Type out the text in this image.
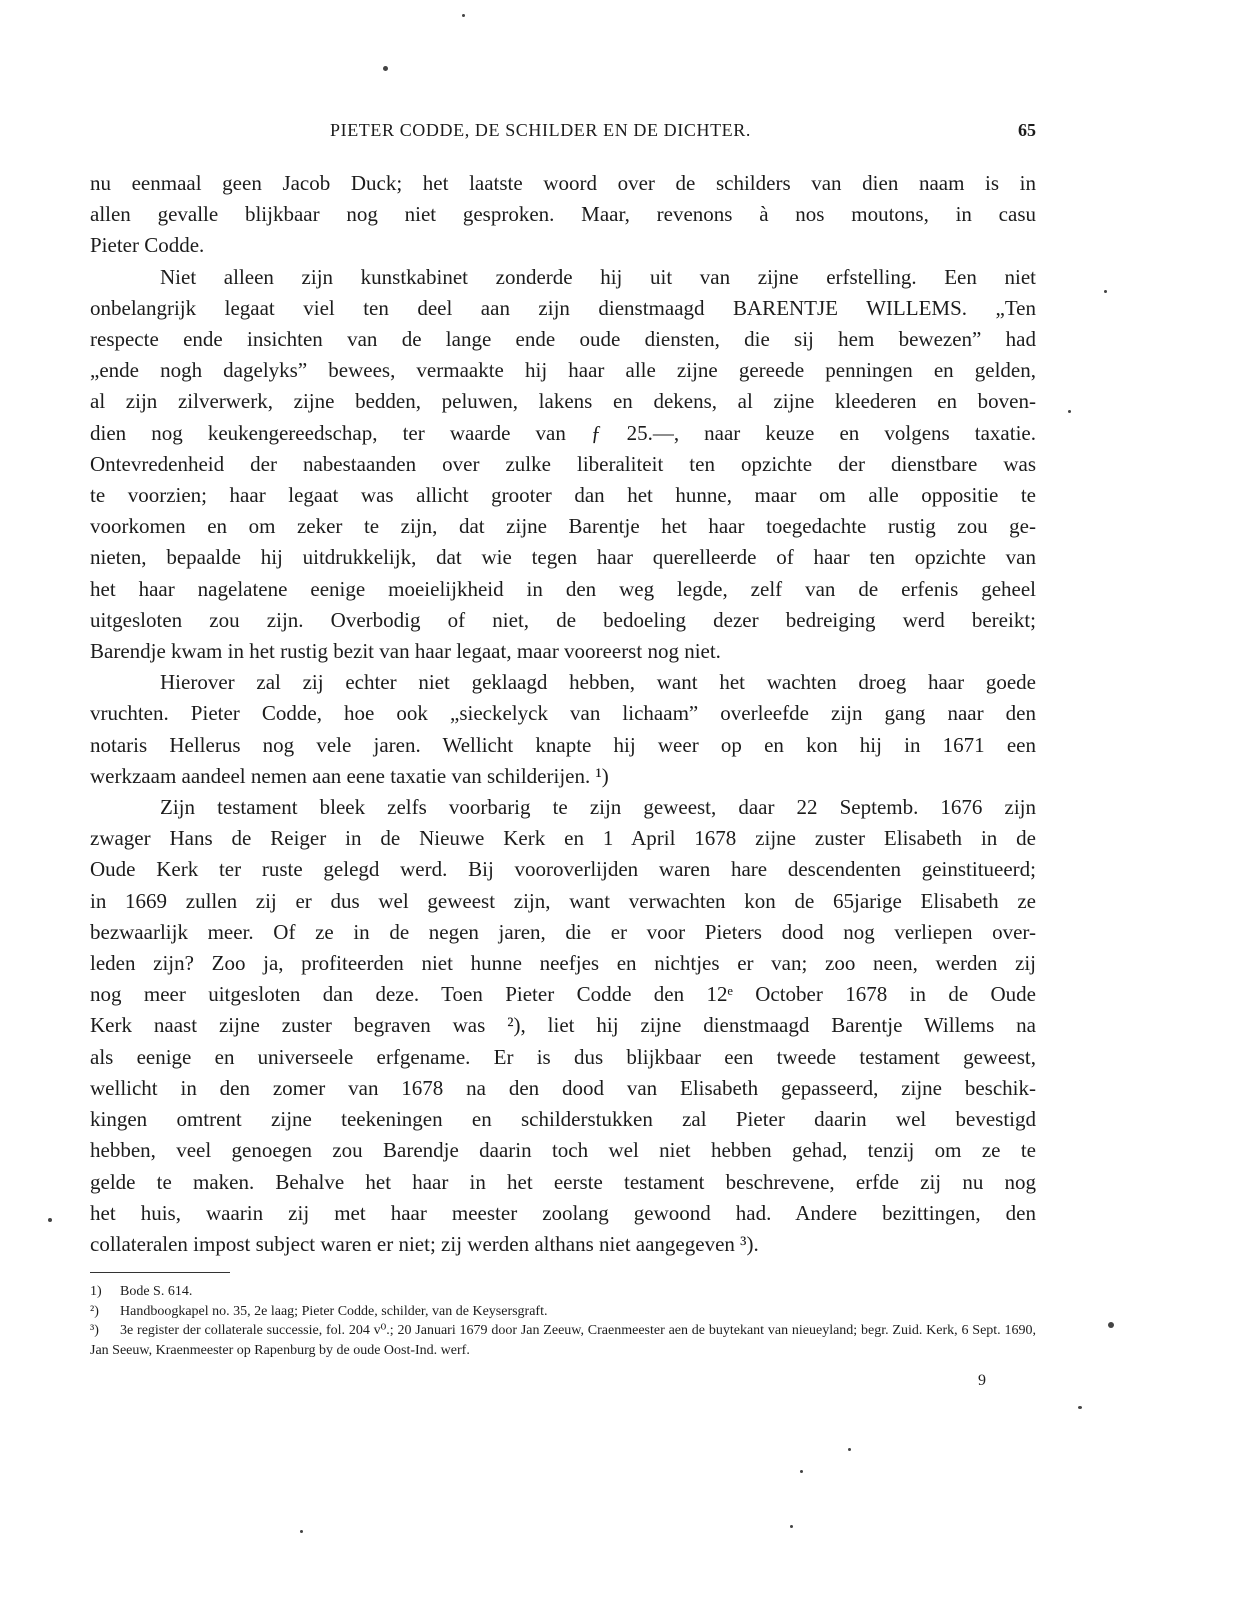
PIETER CODDE, DE SCHILDER EN DE DICHTER.	65

nu eenmaal geen Jacob Duck; het laatste woord over de schilders van dien naam is in
allen gevalle blijkbaar nog niet gesproken. Maar, revenons à nos moutons, in casu
Pieter Codde.

Niet alleen zijn kunstkabinet zonderde hij uit van zijne erfstelling. Een niet
onbelangrijk legaat viel ten deel aan zijn dienstmaagd BARENTJE WILLEMS. „Ten
respecte ende insichten van de lange ende oude diensten, die sij hem bewezen” had
„ende nogh dagelyks” bewees, vermaakte hij haar alle zijne gereede penningen en gelden,
al zijn zilverwerk, zijne bedden, peluwen, lakens en dekens, al zijne kleederen en boven-
dien nog keukengereedschap, ter waarde van ƒ 25.—, naar keuze en volgens taxatie.
Ontevredenheid der nabestaanden over zulke liberaliteit ten opzichte der dienstbare was
te voorzien; haar legaat was allicht grooter dan het hunne, maar om alle oppositie te
voorkomen en om zeker te zijn, dat zijne Barentje het haar toegedachte rustig zou ge-
nieten, bepaalde hij uitdrukkelijk, dat wie tegen haar querelleerde of haar ten opzichte van
het haar nagelatene eenige moeielijkheid in den weg legde, zelf van de erfenis geheel
uitgesloten zou zijn. Overbodig of niet, de bedoeling dezer bedreiging werd bereikt;
Barendje kwam in het rustig bezit van haar legaat, maar vooreerst nog niet.

Hierover zal zij echter niet geklaagd hebben, want het wachten droeg haar goede
vruchten. Pieter Codde, hoe ook „sieckelyck van lichaam” overleefde zijn gang naar den
notaris Hellerus nog vele jaren. Wellicht knapte hij weer op en kon hij in 1671 een
werkzaam aandeel nemen aan eene taxatie van schilderijen. ¹)

Zijn testament bleek zelfs voorbarig te zijn geweest, daar 22 Septemb. 1676 zijn
zwager Hans de Reiger in de Nieuwe Kerk en 1 April 1678 zijne zuster Elisabeth in de
Oude Kerk ter ruste gelegd werd. Bij vooroverlijden waren hare descendenten geinstitueerd;
in 1669 zullen zij er dus wel geweest zijn, want verwachten kon de 65jarige Elisabeth ze
bezwaarlijk meer. Of ze in de negen jaren, die er voor Pieters dood nog verliepen over-
leden zijn? Zoo ja, profiteerden niet hunne neefjes en nichtjes er van; zoo neen, werden zij
nog meer uitgesloten dan deze. Toen Pieter Codde den 12ᵉ October 1678 in de Oude
Kerk naast zijne zuster begraven was ²), liet hij zijne dienstmaagd Barentje Willems na
als eenige en universeele erfgename. Er is dus blijkbaar een tweede testament geweest,
wellicht in den zomer van 1678 na den dood van Elisabeth gepasseerd, zijne beschik-
kingen omtrent zijne teekeningen en schilderstukken zal Pieter daarin wel bevestigd
hebben, veel genoegen zou Barendje daarin toch wel niet hebben gehad, tenzij om ze te
gelde te maken. Behalve het haar in het eerste testament beschrevene, erfde zij nu nog
het huis, waarin zij met haar meester zoolang gewoond had. Andere bezittingen, den
collateralen impost subject waren er niet; zij werden althans niet aangegeven ³).

1) Bode S. 614.

²) Handboogkapel no. 35, 2e laag; Pieter Codde, schilder, van de Keysersgraft.

³) 3e register der collaterale successie, fol. 204 v⁰.; 20 Januari 1679 door Jan Zeeuw, Craenmeester aen de buytekant van nieueyland; begr. Zuid. Kerk, 6 Sept. 1690, Jan Seeuw, Kraenmeester op Rapenburg by de oude Oost-Ind. werf.

9
